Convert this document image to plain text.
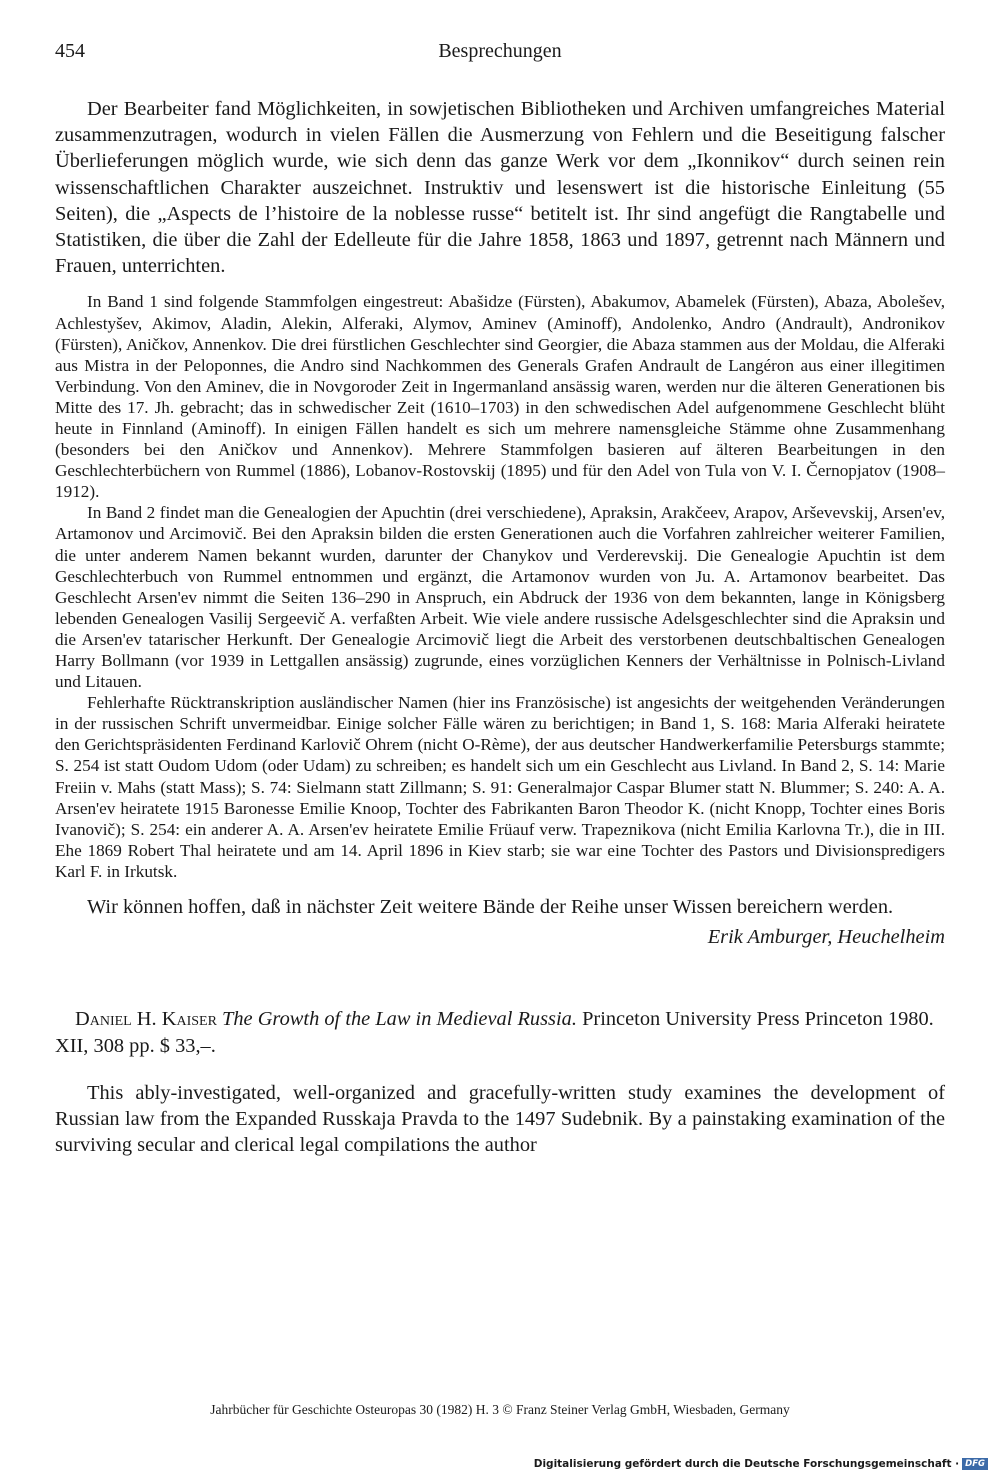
454	Besprechungen

Der Bearbeiter fand Möglichkeiten, in sowjetischen Bibliotheken und Archiven umfangreiches Material zusammenzutragen, wodurch in vielen Fällen die Ausmerzung von Fehlern und die Beseitigung falscher Überlieferungen möglich wurde, wie sich denn das ganze Werk vor dem „Ikonnikov“ durch seinen rein wissenschaftlichen Charakter auszeichnet. Instruktiv und lesenswert ist die historische Einleitung (55 Seiten), die „Aspects de l’histoire de la noblesse russe“ betitelt ist. Ihr sind angefügt die Rangtabelle und Statistiken, die über die Zahl der Edelleute für die Jahre 1858, 1863 und 1897, getrennt nach Männern und Frauen, unterrichten.

In Band 1 sind folgende Stammfolgen eingestreut: Abašidze (Fürsten), Abakumov, Abamelek (Fürsten), Abaza, Abolešev, Achlestyšev, Akimov, Aladin, Alekin, Alferaki, Alymov, Aminev (Aminoff), Andolenko, Andro (Andrault), Andronikov (Fürsten), Aničkov, Annenkov. Die drei fürstlichen Geschlechter sind Georgier, die Abaza stammen aus der Moldau, die Alferaki aus Mistra in der Peloponnes, die Andro sind Nachkommen des Generals Grafen Andrault de Langéron aus einer illegitimen Verbindung. Von den Aminev, die in Novgoroder Zeit in Ingermanland ansässig waren, werden nur die älteren Generationen bis Mitte des 17. Jh. gebracht; das in schwedischer Zeit (1610–1703) in den schwedischen Adel aufgenommene Geschlecht blüht heute in Finnland (Aminoff). In einigen Fällen handelt es sich um mehrere namensgleiche Stämme ohne Zusammenhang (besonders bei den Aničkov und Annenkov). Mehrere Stammfolgen basieren auf älteren Bearbeitungen in den Geschlechterbüchern von Rummel (1886), Lobanov-Rostovskij (1895) und für den Adel von Tula von V. I. Černopjatov (1908–1912).

In Band 2 findet man die Genealogien der Apuchtin (drei verschiedene), Apraksin, Arakčeev, Arapov, Arševevskij, Arsen'ev, Artamonov und Arcimovič. Bei den Apraksin bilden die ersten Generationen auch die Vorfahren zahlreicher weiterer Familien, die unter anderem Namen bekannt wurden, darunter der Chanykov und Verderevskij. Die Genealogie Apuchtin ist dem Geschlechterbuch von Rummel entnommen und ergänzt, die Artamonov wurden von Ju. A. Artamonov bearbeitet. Das Geschlecht Arsen'ev nimmt die Seiten 136–290 in Anspruch, ein Abdruck der 1936 von dem bekannten, lange in Königsberg lebenden Genealogen Vasilij Sergeevič A. verfaßten Arbeit. Wie viele andere russische Adelsgeschlechter sind die Apraksin und die Arsen'ev tatarischer Herkunft. Der Genealogie Arcimovič liegt die Arbeit des verstorbenen deutschbaltischen Genealogen Harry Bollmann (vor 1939 in Lettgallen ansässig) zugrunde, eines vorzüglichen Kenners der Verhältnisse in Polnisch-Livland und Litauen.

Fehlerhafte Rücktranskription ausländischer Namen (hier ins Französische) ist angesichts der weitgehenden Veränderungen in der russischen Schrift unvermeidbar. Einige solcher Fälle wären zu berichtigen; in Band 1, S. 168: Maria Alferaki heiratete den Gerichtspräsidenten Ferdinand Karlovič Ohrem (nicht O-Rème), der aus deutscher Handwerkerfamilie Petersburgs stammte; S. 254 ist statt Oudom Udom (oder Udam) zu schreiben; es handelt sich um ein Geschlecht aus Livland. In Band 2, S. 14: Marie Freiin v. Mahs (statt Mass); S. 74: Sielmann statt Zillmann; S. 91: Generalmajor Caspar Blumer statt N. Blummer; S. 240: A. A. Arsen'ev heiratete 1915 Baronesse Emilie Knoop, Tochter des Fabrikanten Baron Theodor K. (nicht Knopp, Tochter eines Boris Ivanovič); S. 254: ein anderer A. A. Arsen'ev heiratete Emilie Früauf verw. Trapeznikova (nicht Emilia Karlovna Tr.), die in III. Ehe 1869 Robert Thal heiratete und am 14. April 1896 in Kiev starb; sie war eine Tochter des Pastors und Divisionspredigers Karl F. in Irkutsk.

Wir können hoffen, daß in nächster Zeit weitere Bände der Reihe unser Wissen bereichern werden.

Erik Amburger, Heuchelheim

Daniel H. Kaiser The Growth of the Law in Medieval Russia. Princeton University Press Princeton 1980. XII, 308 pp. $ 33,–.

This ably-investigated, well-organized and gracefully-written study examines the development of Russian law from the Expanded Russkaja Pravda to the 1497 Sudebnik. By a painstaking examination of the surviving secular and clerical legal compilations the author

Jahrbücher für Geschichte Osteuropas 30 (1982) H. 3 © Franz Steiner Verlag GmbH, Wiesbaden, Germany
Digitalisierung gefördert durch die Deutsche Forschungsgemeinschaft · DFG
